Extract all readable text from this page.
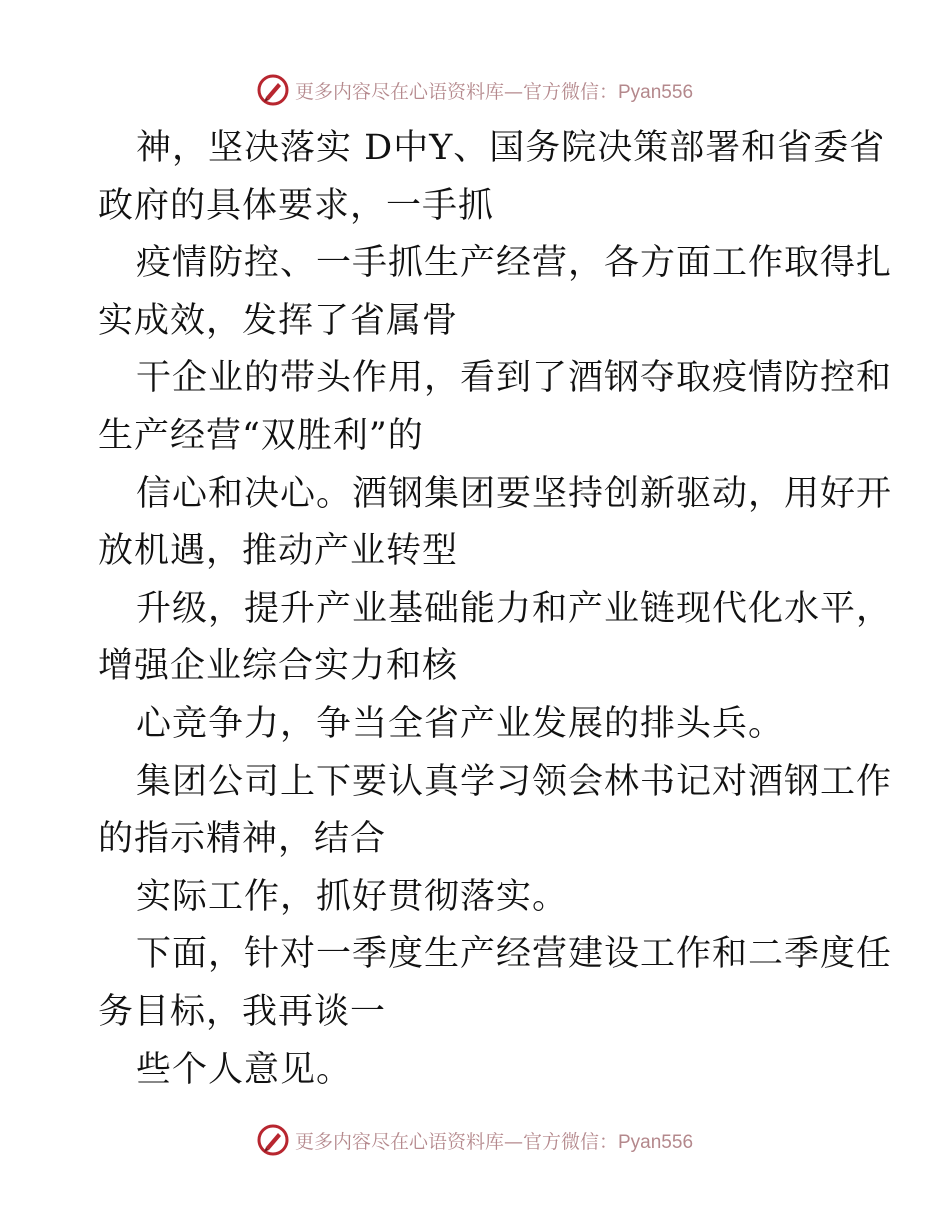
更多内容尽在心语资料库—官方微信：Pyan556
神，坚决落实 D中Y、国务院决策部署和省委省
政府的具体要求，一手抓
疫情防控、一手抓生产经营，各方面工作取得扎
实成效，发挥了省属骨
干企业的带头作用，看到了酒钢夺取疫情防控和
生产经营“双胜利”的
信心和决心。酒钢集团要坚持创新驱动，用好开
放机遇，推动产业转型
升级，提升产业基础能力和产业链现代化水平，
增强企业综合实力和核
心竞争力，争当全省产业发展的排头兵。
集团公司上下要认真学习领会林书记对酒钢工作
的指示精神，结合
实际工作，抓好贯彻落实。
下面，针对一季度生产经营建设工作和二季度任
务目标，我再谈一
些个人意见。
更多内容尽在心语资料库—官方微信：Pyan556
